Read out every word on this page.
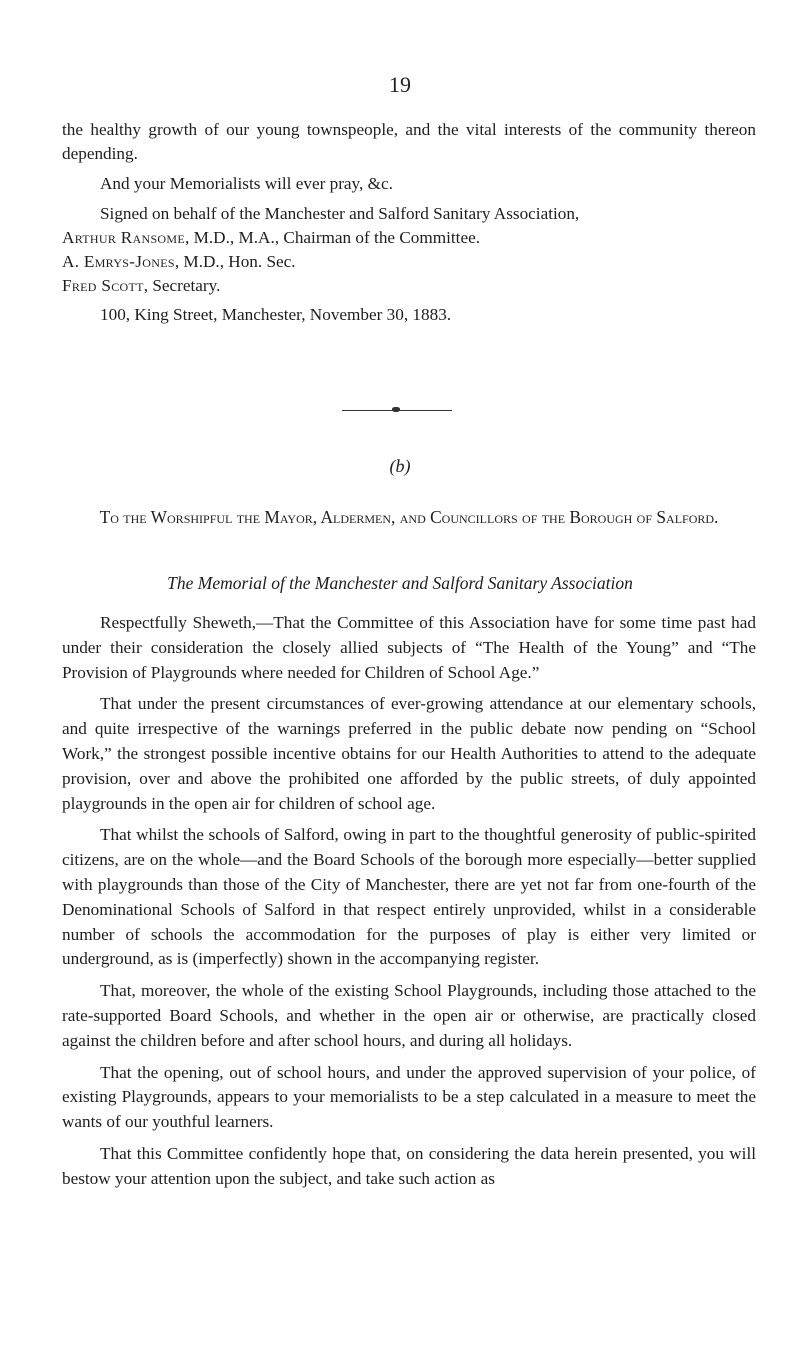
19

the healthy growth of our young townspeople, and the vital interests of the community thereon depending.

And your Memorialists will ever pray, &c.

Signed on behalf of the Manchester and Salford Sanitary Association,

Arthur Ransome, M.D., M.A., Chairman of the Committee.

A. Emrys-Jones, M.D., Hon. Sec.

Fred Scott, Secretary.

100, King Street, Manchester, November 30, 1883.

(b)
To the Worshipful the Mayor, Aldermen, and Councillors of the Borough of Salford.
The Memorial of the Manchester and Salford Sanitary Association

Respectfully Sheweth,—That the Committee of this Association have for some time past had under their consideration the closely allied subjects of “The Health of the Young” and “The Provision of Playgrounds where needed for Children of School Age.”

That under the present circumstances of ever-growing attendance at our elementary schools, and quite irrespective of the warnings preferred in the public debate now pending on “School Work,” the strongest possible incentive obtains for our Health Authorities to attend to the adequate provision, over and above the prohibited one afforded by the public streets, of duly appointed playgrounds in the open air for children of school age.

That whilst the schools of Salford, owing in part to the thoughtful generosity of public-spirited citizens, are on the whole—and the Board Schools of the borough more especially—better supplied with playgrounds than those of the City of Manchester, there are yet not far from one-fourth of the Denominational Schools of Salford in that respect entirely unprovided, whilst in a considerable number of schools the accommodation for the purposes of play is either very limited or underground, as is (imperfectly) shown in the accompanying register.

That, moreover, the whole of the existing School Playgrounds, including those attached to the rate-supported Board Schools, and whether in the open air or otherwise, are practically closed against the children before and after school hours, and during all holidays.

That the opening, out of school hours, and under the approved supervision of your police, of existing Playgrounds, appears to your memorialists to be a step calculated in a measure to meet the wants of our youthful learners.

That this Committee confidently hope that, on considering the data herein presented, you will bestow your attention upon the subject, and take such action as
